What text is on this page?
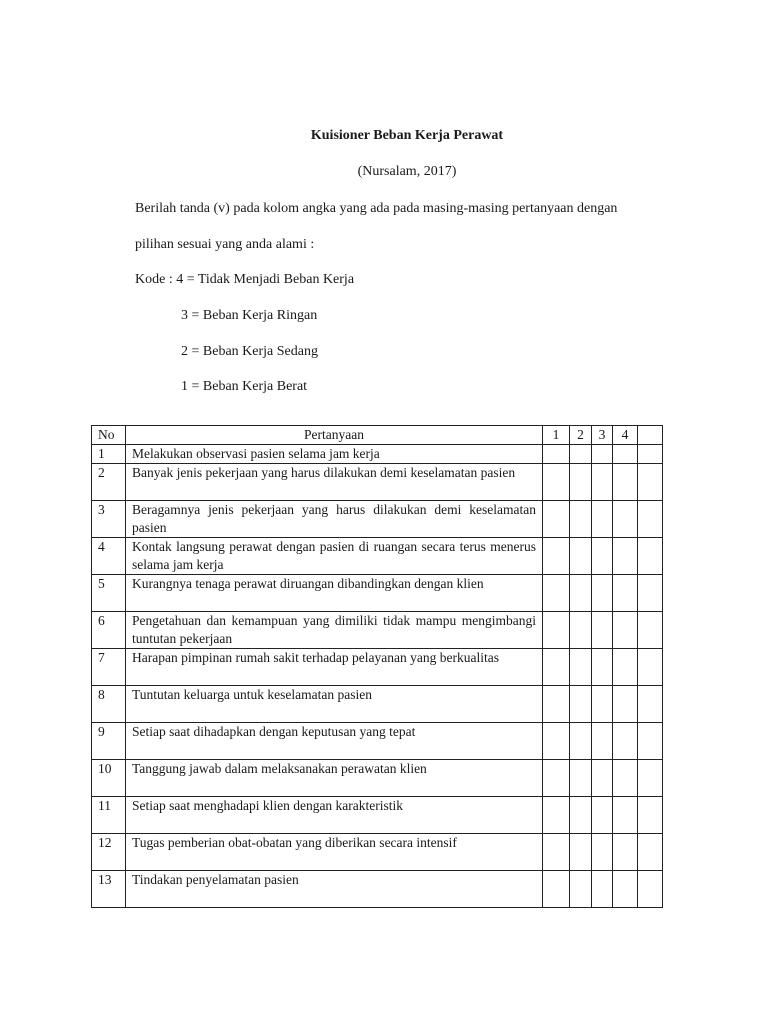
Kuisioner Beban Kerja Perawat
(Nursalam, 2017)
Berilah tanda (v) pada kolom angka yang ada pada masing-masing pertanyaan dengan
pilihan sesuai yang anda alami :
Kode : 4 = Tidak Menjadi Beban Kerja
3 = Beban Kerja Ringan
2 = Beban Kerja Sedang
1 = Beban Kerja Berat
No	Pertanyaan	1	2	3	4	
1	Melakukan observasi pasien selama jam kerja					
2	Banyak jenis pekerjaan yang harus dilakukan demi keselamatan pasien					
3	Beragamnya jenis pekerjaan yang harus dilakukan demi keselamatan pasien					
4	Kontak langsung perawat dengan pasien di ruangan secara terus menerus selama jam kerja					
5	Kurangnya tenaga perawat diruangan dibandingkan dengan klien					
6	Pengetahuan dan kemampuan yang dimiliki tidak mampu mengimbangi tuntutan pekerjaan					
7	Harapan pimpinan rumah sakit terhadap pelayanan yang berkualitas					
8	Tuntutan keluarga untuk keselamatan pasien					
9	Setiap saat dihadapkan dengan keputusan yang tepat					
10	Tanggung jawab dalam melaksanakan perawatan klien					
11	Setiap saat menghadapi klien dengan karakteristik					
12	Tugas pemberian obat-obatan yang diberikan secara intensif					
13	Tindakan penyelamatan pasien					
